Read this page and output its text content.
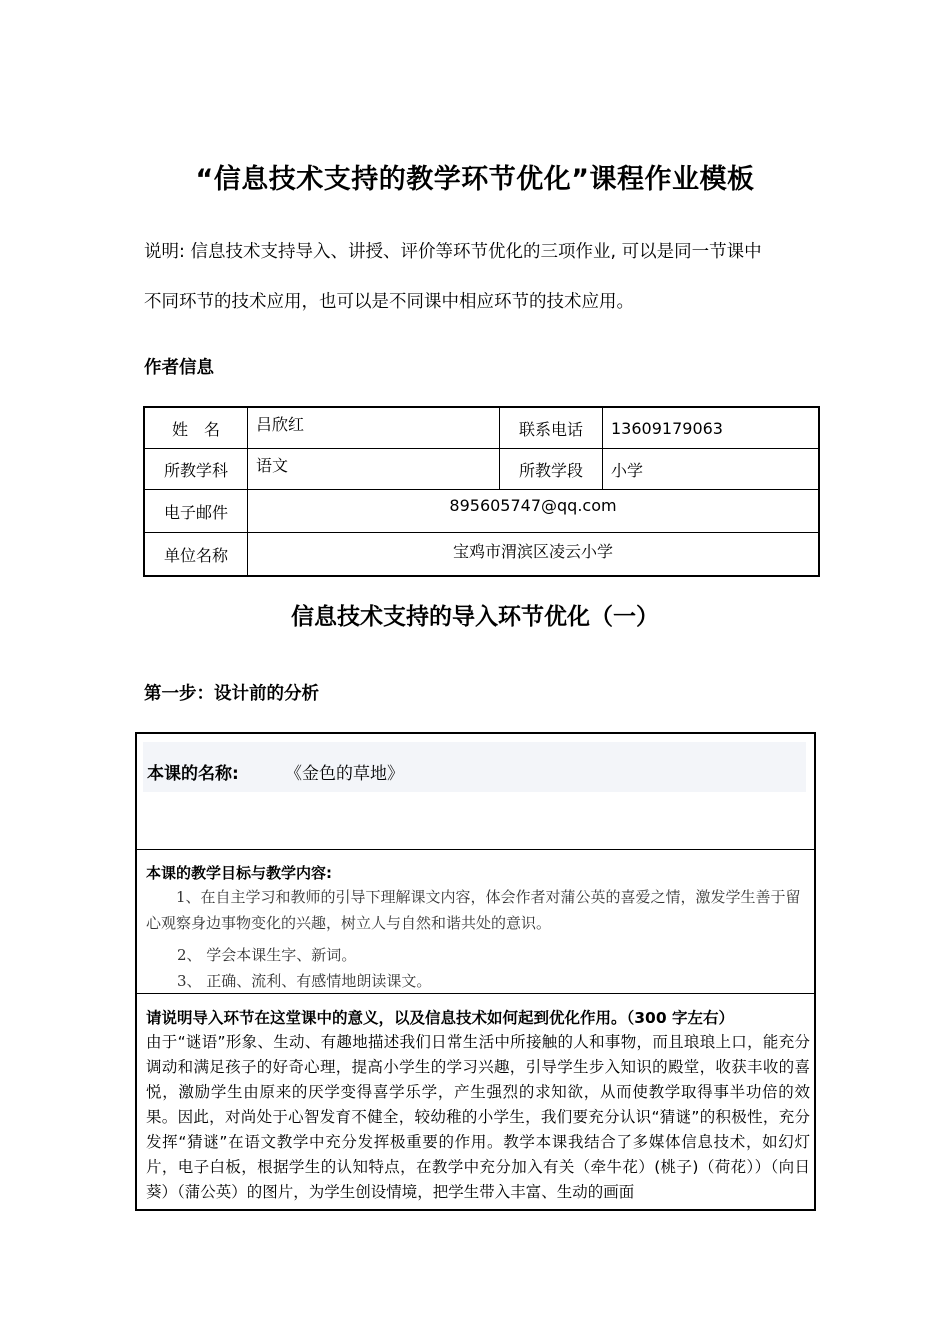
“信息技术支持的教学环节优化”课程作业模板
说明: 信息技术支持导入、讲授、评价等环节优化的三项作业, 可以是同一节课中
不同环节的技术应用，也可以是不同课中相应环节的技术应用。
作者信息
姓　名	吕欣红	联系电话	13609179063
所教学科	语文	所教学段	小学
电子邮件	895605747@qq.com		
单位名称	宝鸡市渭滨区凌云小学		
信息技术支持的导入环节优化（一）
第一步：设计前的分析
本课的名称:	《金色的草地》
本课的教学目标与教学内容:
1、在自主学习和教师的引导下理解课文内容，体会作者对蒲公英的喜爱之情，激发学生善于留心观察身边事物变化的兴趣，树立人与自然和谐共处的意识。
2、 学会本课生字、新词。
3、 正确、流利、有感情地朗读课文。
请说明导入环节在这堂课中的意义，以及信息技术如何起到优化作用。（300 字左右）
由于“谜语”形象、生动、有趣地描述我们日常生活中所接触的人和事物，而且琅琅上口，能充分调动和满足孩子的好奇心理，提高小学生的学习兴趣，引导学生步入知识的殿堂，收获丰收的喜悦，激励学生由原来的厌学变得喜学乐学，产生强烈的求知欲，从而使教学取得事半功倍的效果。因此，对尚处于心智发育不健全，较幼稚的小学生，我们要充分认识“猜谜”的积极性，充分发挥“猜谜”在语文教学中充分发挥极重要的作用。教学本课我结合了多媒体信息技术，如幻灯片，电子白板，根据学生的认知特点，在教学中充分加入有关（牵牛花）(桃子)（荷花））（向日葵）（蒲公英）的图片，为学生创设情境，把学生带入丰富、生动的画面
